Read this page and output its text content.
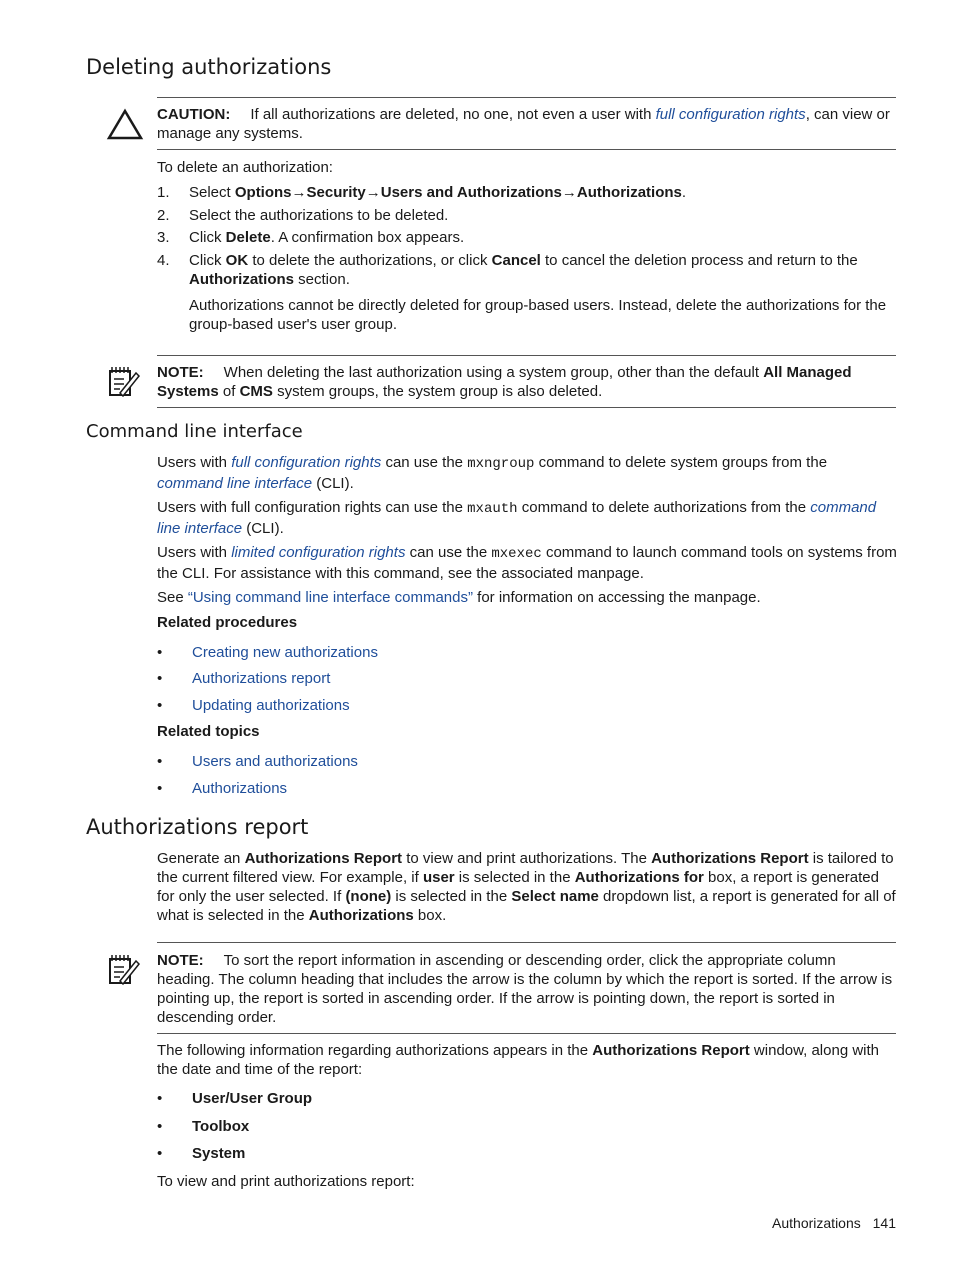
Deleting authorizations

CAUTION: If all authorizations are deleted, no one, not even a user with full configuration rights, can view or manage any systems.

To delete an authorization:
1. Select Options→Security→Users and Authorizations→Authorizations.
2. Select the authorizations to be deleted.
3. Click Delete. A confirmation box appears.
4. Click OK to delete the authorizations, or click Cancel to cancel the deletion process and return to the Authorizations section.
Authorizations cannot be directly deleted for group-based users. Instead, delete the authorizations for the group-based user's user group.

NOTE: When deleting the last authorization using a system group, other than the default All Managed Systems of CMS system groups, the system group is also deleted.

Command line interface
Users with full configuration rights can use the mxngroup command to delete system groups from the command line interface (CLI).
Users with full configuration rights can use the mxauth command to delete authorizations from the command line interface (CLI).
Users with limited configuration rights can use the mxexec command to launch command tools on systems from the CLI. For assistance with this command, see the associated manpage.
See “Using command line interface commands” for information on accessing the manpage.
Related procedures
• Creating new authorizations
• Authorizations report
• Updating authorizations
Related topics
• Users and authorizations
• Authorizations
Authorizations report
Generate an Authorizations Report to view and print authorizations. The Authorizations Report is tailored to the current filtered view. For example, if user is selected in the Authorizations for box, a report is generated for only the user selected. If (none) is selected in the Select name dropdown list, a report is generated for all of what is selected in the Authorizations box.

NOTE: To sort the report information in ascending or descending order, click the appropriate column heading. The column heading that includes the arrow is the column by which the report is sorted. If the arrow is pointing up, the report is sorted in ascending order. If the arrow is pointing down, the report is sorted in descending order.

The following information regarding authorizations appears in the Authorizations Report window, along with the date and time of the report:
• User/User Group
• Toolbox
• System
To view and print authorizations report:
Authorizations 141
